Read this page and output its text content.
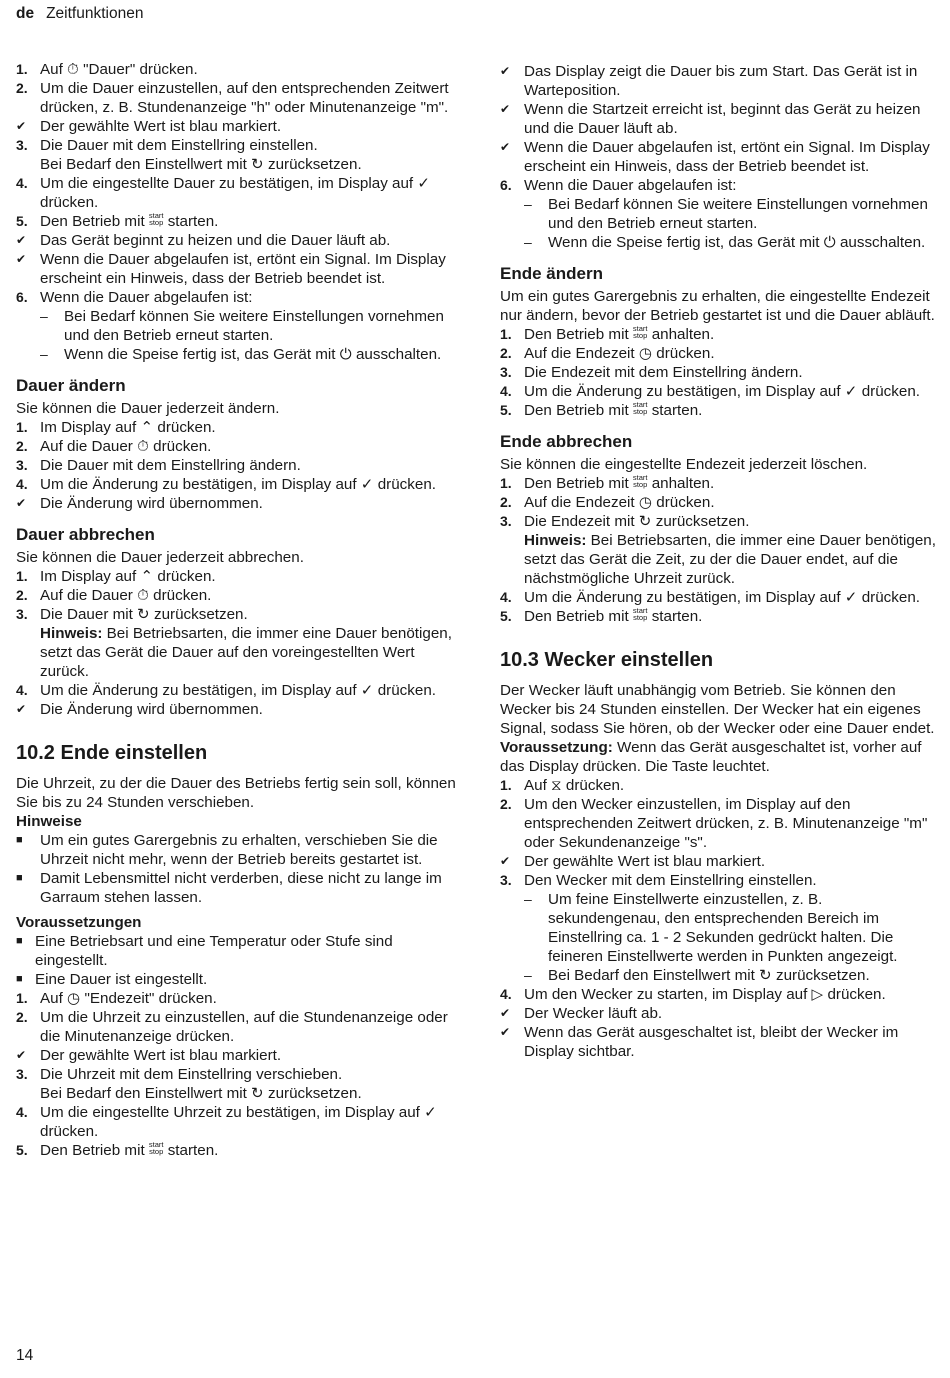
de Zeitfunktionen
1. Auf ⏱ "Dauer" drücken.
2. Um die Dauer einzustellen, auf den entsprechenden Zeitwert drücken, z. B. Stundenanzeige "h" oder Minutenanzeige "m".
✔ Der gewählte Wert ist blau markiert.
3. Die Dauer mit dem Einstellring einstellen.
Bei Bedarf den Einstellwert mit ↻ zurücksetzen.
4. Um die eingestellte Dauer zu bestätigen, im Display auf ✓ drücken.
5. Den Betrieb mit start
stop starten.
✔ Das Gerät beginnt zu heizen und die Dauer läuft ab.
✔ Wenn die Dauer abgelaufen ist, ertönt ein Signal. Im Display erscheint ein Hinweis, dass der Betrieb beendet ist.
6. Wenn die Dauer abgelaufen ist:
–	Bei Bedarf können Sie weitere Einstellungen vornehmen und den Betrieb erneut starten.
–	Wenn die Speise fertig ist, das Gerät mit ⏻ ausschalten.
Dauer ändern

Sie können die Dauer jederzeit ändern.

1. Im Display auf ⌃ drücken.
2. Auf die Dauer ⏱ drücken.
3. Die Dauer mit dem Einstellring ändern.
4. Um die Änderung zu bestätigen, im Display auf ✓ drücken.
✔ Die Änderung wird übernommen.
Dauer abbrechen

Sie können die Dauer jederzeit abbrechen.

1. Im Display auf ⌃ drücken.
2. Auf die Dauer ⏱ drücken.
3. Die Dauer mit ↻ zurücksetzen.
Hinweis: Bei Betriebsarten, die immer eine Dauer benötigen, setzt das Gerät die Dauer auf den voreingestellten Wert zurück.
4. Um die Änderung zu bestätigen, im Display auf ✓ drücken.
✔ Die Änderung wird übernommen.
10.2 Ende einstellen

Die Uhrzeit, zu der die Dauer des Betriebs fertig sein soll, können Sie bis zu 24 Stunden verschieben.

Hinweise
■	Um ein gutes Garergebnis zu erhalten, verschieben Sie die Uhrzeit nicht mehr, wenn der Betrieb bereits gestartet ist.
■	Damit Lebensmittel nicht verderben, diese nicht zu lange im Garraum stehen lassen.
Voraussetzungen
■ Eine Betriebsart und eine Temperatur oder Stufe sind eingestellt.
■ Eine Dauer ist eingestellt.
1. Auf ◷ "Endezeit" drücken.
2. Um die Uhrzeit zu einzustellen, auf die Stundenanzeige oder die Minutenanzeige drücken.
✔ Der gewählte Wert ist blau markiert.
3. Die Uhrzeit mit dem Einstellring verschieben.
Bei Bedarf den Einstellwert mit ↻ zurücksetzen.
4. Um die eingestellte Uhrzeit zu bestätigen, im Display auf ✓ drücken.
5. Den Betrieb mit start
stop starten.
✔ Das Display zeigt die Dauer bis zum Start. Das Gerät ist in Warteposition.
✔ Wenn die Startzeit erreicht ist, beginnt das Gerät zu heizen und die Dauer läuft ab.
✔ Wenn die Dauer abgelaufen ist, ertönt ein Signal. Im Display erscheint ein Hinweis, dass der Betrieb beendet ist.
6. Wenn die Dauer abgelaufen ist:
–	Bei Bedarf können Sie weitere Einstellungen vornehmen und den Betrieb erneut starten.
–	Wenn die Speise fertig ist, das Gerät mit ⏻ ausschalten.
Ende ändern

Um ein gutes Garergebnis zu erhalten, die eingestellte Endezeit nur ändern, bevor der Betrieb gestartet ist und die Dauer abläuft.

1. Den Betrieb mit start
stop anhalten.
2. Auf die Endezeit ◷ drücken.
3. Die Endezeit mit dem Einstellring ändern.
4. Um die Änderung zu bestätigen, im Display auf ✓ drücken.
5. Den Betrieb mit start
stop starten.
Ende abbrechen

Sie können die eingestellte Endezeit jederzeit löschen.

1. Den Betrieb mit start
stop anhalten.
2. Auf die Endezeit ◷ drücken.
3. Die Endezeit mit ↻ zurücksetzen.
Hinweis: Bei Betriebsarten, die immer eine Dauer benötigen, setzt das Gerät die Zeit, zu der die Dauer endet, auf die nächstmögliche Uhrzeit zurück.
4. Um die Änderung zu bestätigen, im Display auf ✓ drücken.
5. Den Betrieb mit start
stop starten.
10.3 Wecker einstellen

Der Wecker läuft unabhängig vom Betrieb. Sie können den Wecker bis 24 Stunden einstellen. Der Wecker hat ein eigenes Signal, sodass Sie hören, ob der Wecker oder eine Dauer endet.

Voraussetzung: Wenn das Gerät ausgeschaltet ist, vorher auf das Display drücken. Die Taste leuchtet.

1. Auf ⧖ drücken.
2. Um den Wecker einzustellen, im Display auf den entsprechenden Zeitwert drücken, z. B. Minutenanzeige "m" oder Sekundenanzeige "s".
✔ Der gewählte Wert ist blau markiert.
3. Den Wecker mit dem Einstellring einstellen.
–	Um feine Einstellwerte einzustellen, z. B. sekundengenau, den entsprechenden Bereich im Einstellring ca. 1 - 2 Sekunden gedrückt halten. Die feineren Einstellwerte werden in Punkten angezeigt.
–	Bei Bedarf den Einstellwert mit ↻ zurücksetzen.
4. Um den Wecker zu starten, im Display auf ▷ drücken.
✔ Der Wecker läuft ab.
✔ Wenn das Gerät ausgeschaltet ist, bleibt der Wecker im Display sichtbar.
14
